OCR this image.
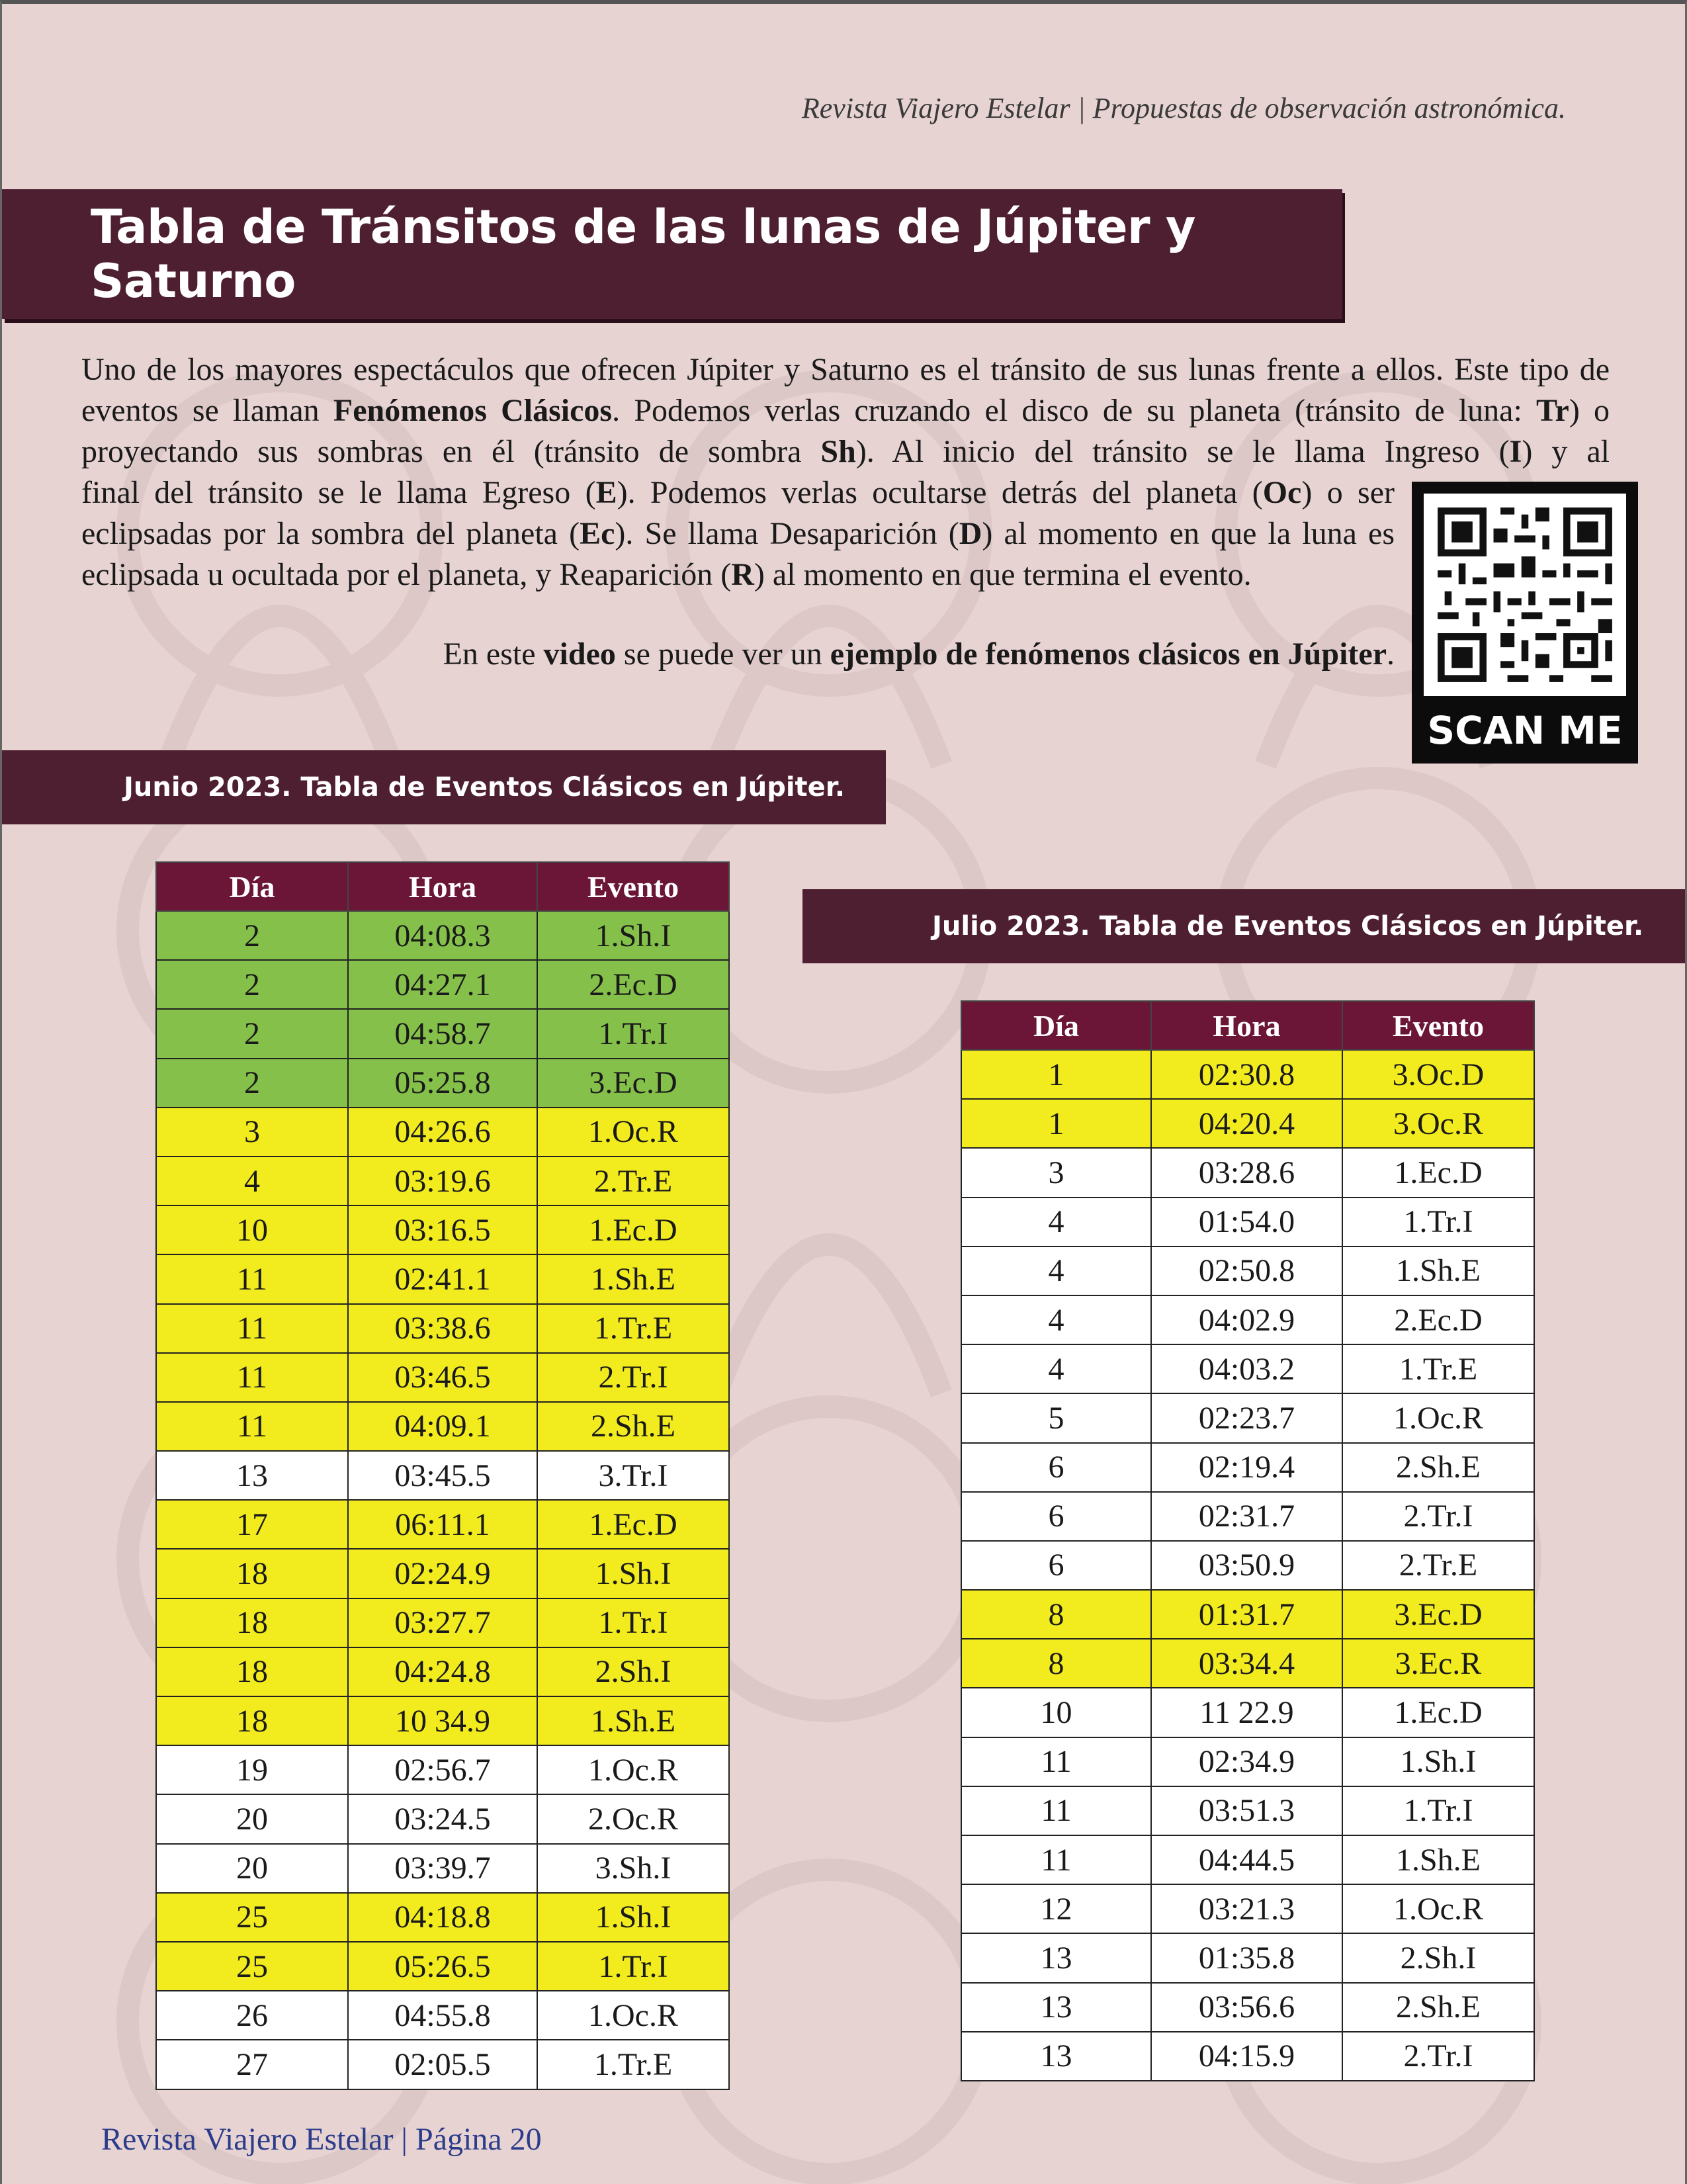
Revista Viajero Estelar | Propuestas de observación astronómica.
Tabla de Tránsitos de las lunas de Júpiter y Saturno

Uno de los mayores espectáculos que ofrecen Júpiter y Saturno es el tránsito de sus lunas frente a ellos. Este tipo de eventos se llaman Fenómenos Clásicos. Podemos verlas cruzando el disco de su planeta (tránsito de luna: Tr) o proyectando sus sombras en él (tránsito de sombra Sh). Al inicio del tránsito se le llama Ingreso (I) y al

final del tránsito se le llama Egreso (E). Podemos verlas ocultarse detrás del planeta (Oc) o ser eclipsadas por la sombra del planeta (Ec). Se llama Desaparición (D) al momento en que la luna es eclipsada u ocultada por el planeta, y Reaparición (R) al momento en que termina el evento.

En este video se puede ver un ejemplo de fenómenos clásicos en Júpiter.
SCAN ME
Junio 2023. Tabla de Eventos Clásicos en Júpiter.
Día	Hora	Evento
2	04:08.3	1.Sh.I
2	04:27.1	2.Ec.D
2	04:58.7	1.Tr.I
2	05:25.8	3.Ec.D
3	04:26.6	1.Oc.R
4	03:19.6	2.Tr.E
10	03:16.5	1.Ec.D
11	02:41.1	1.Sh.E
11	03:38.6	1.Tr.E
11	03:46.5	2.Tr.I
11	04:09.1	2.Sh.E
13	03:45.5	3.Tr.I
17	06:11.1	1.Ec.D
18	02:24.9	1.Sh.I
18	03:27.7	1.Tr.I
18	04:24.8	2.Sh.I
18	10 34.9	1.Sh.E
19	02:56.7	1.Oc.R
20	03:24.5	2.Oc.R
20	03:39.7	3.Sh.I
25	04:18.8	1.Sh.I
25	05:26.5	1.Tr.I
26	04:55.8	1.Oc.R
27	02:05.5	1.Tr.E
Julio 2023. Tabla de Eventos Clásicos en Júpiter.
Día	Hora	Evento
1	02:30.8	3.Oc.D
1	04:20.4	3.Oc.R
3	03:28.6	1.Ec.D
4	01:54.0	1.Tr.I
4	02:50.8	1.Sh.E
4	04:02.9	2.Ec.D
4	04:03.2	1.Tr.E
5	02:23.7	1.Oc.R
6	02:19.4	2.Sh.E
6	02:31.7	2.Tr.I
6	03:50.9	2.Tr.E
8	01:31.7	3.Ec.D
8	03:34.4	3.Ec.R
10	11 22.9	1.Ec.D
11	02:34.9	1.Sh.I
11	03:51.3	1.Tr.I
11	04:44.5	1.Sh.E
12	03:21.3	1.Oc.R
13	01:35.8	2.Sh.I
13	03:56.6	2.Sh.E
13	04:15.9	2.Tr.I
Revista Viajero Estelar | Página 20
